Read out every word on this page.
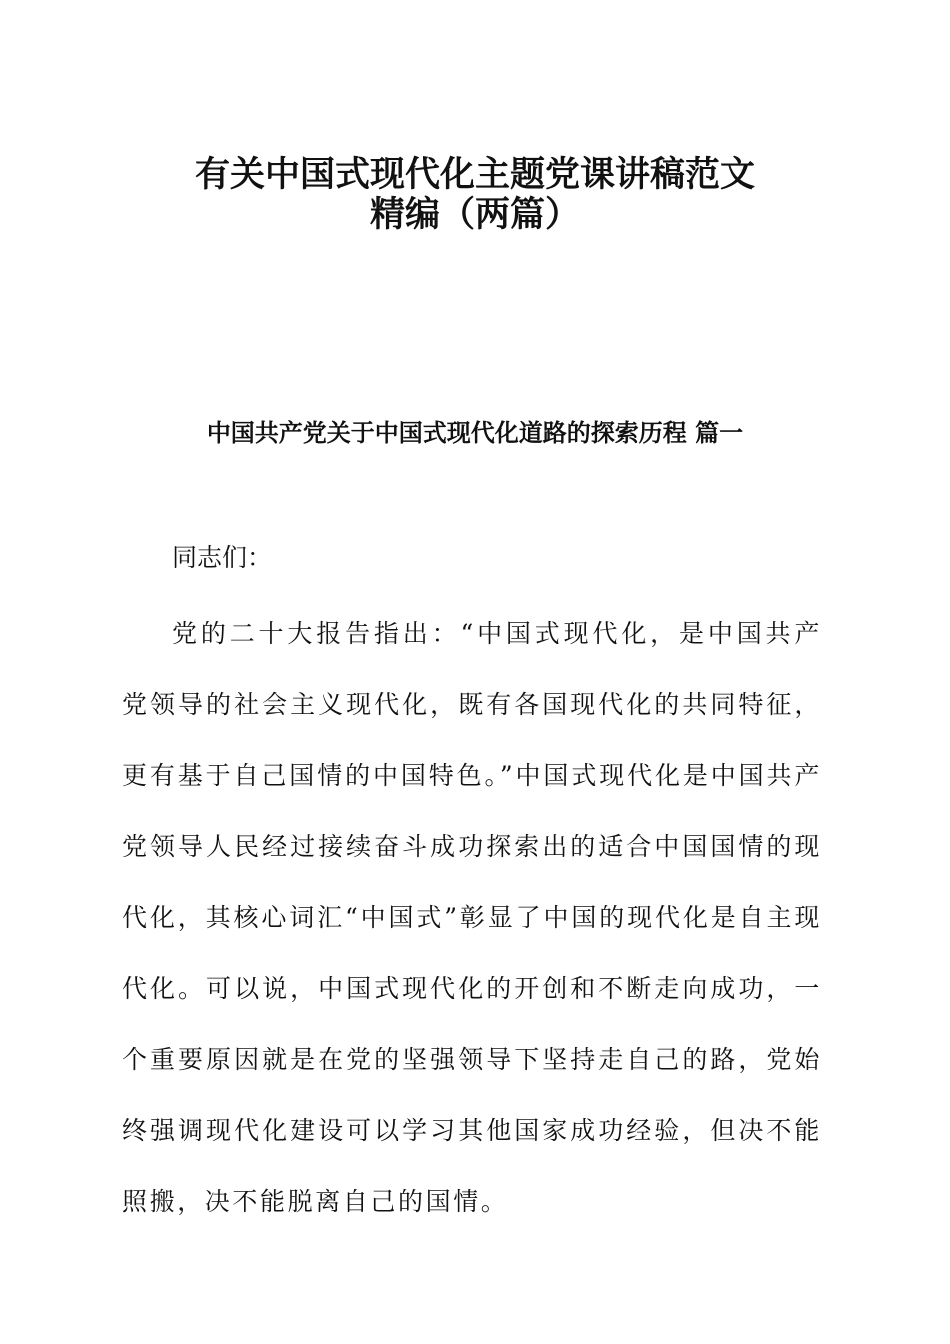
有关中国式现代化主题党课讲稿范文
精编（两篇）
中国共产党关于中国式现代化道路的探索历程 篇一

同志们：

党的二十大报告指出：“中国式现代化，是中国共产党领导的社会主义现代化，既有各国现代化的共同特征，更有基于自己国情的中国特色。”中国式现代化是中国共产党领导人民经过接续奋斗成功探索出的适合中国国情的现代化，其核心词汇“中国式”彰显了中国的现代化是自主现代化。可以说，中国式现代化的开创和不断走向成功，一个重要原因就是在党的坚强领导下坚持走自己的路，党始终强调现代化建设可以学习其他国家成功经验，但决不能照搬，决不能脱离自己的国情。
